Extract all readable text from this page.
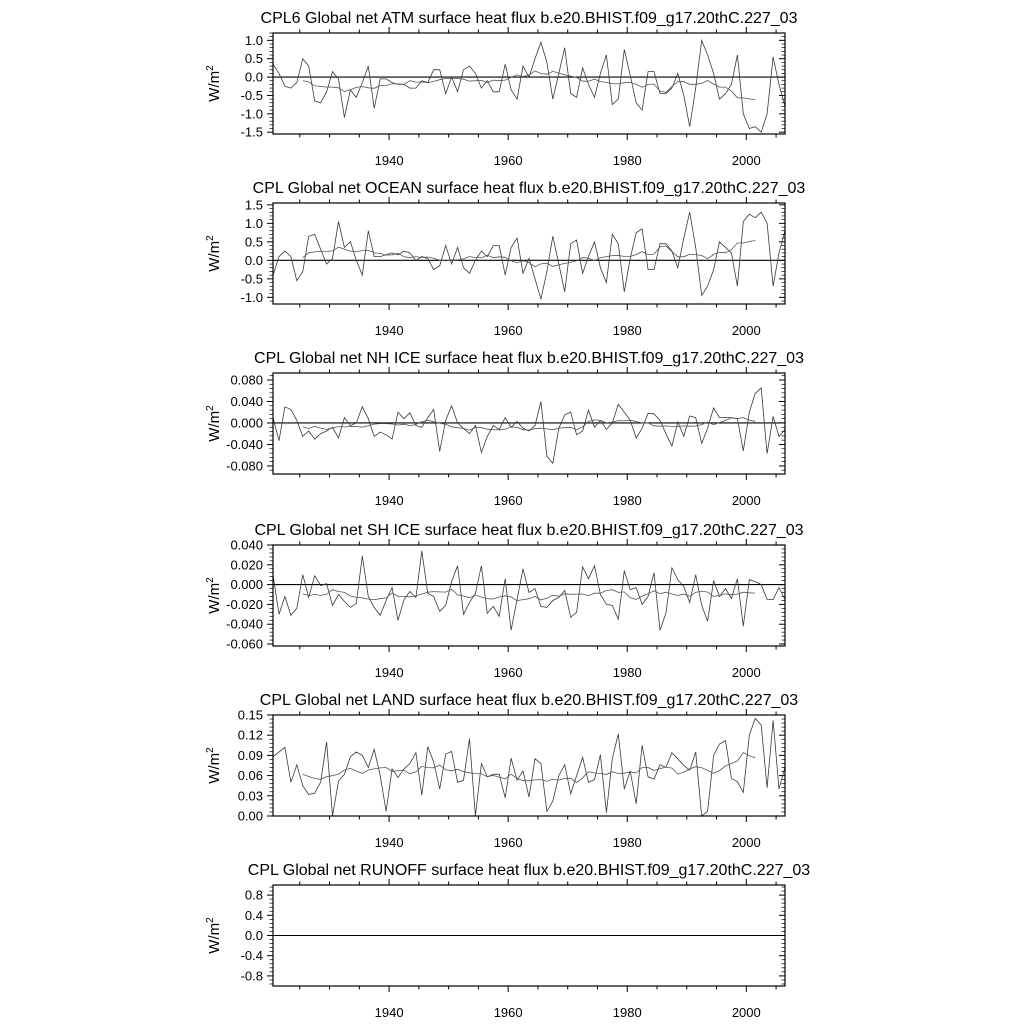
CPL6 Global net ATM surface heat flux b.e20.BHIST.f09_g17.20thC.227_03
$W/m^2$
1940	1960	1980	2000
1.0
0.5
0.0
-0.5
-1.0
-1.5
CPL Global net OCEAN surface heat flux b.e20.BHIST.f09_g17.20thC.227_03
$W/m^2$
1940	1960	1980	2000
1.5
1.0
0.5
0.0
-0.5
-1.0
CPL Global net NH ICE surface heat flux b.e20.BHIST.f09_g17.20thC.227_03
$W/m^2$
1940	1960	1980	2000
0.080
0.040
0.000
-0.040
-0.080
CPL Global net SH ICE surface heat flux b.e20.BHIST.f09_g17.20thC.227_03
$W/m^2$
1940	1960	1980	2000
0.040
0.020
0.000
-0.020
-0.040
-0.060
CPL Global net LAND surface heat flux b.e20.BHIST.f09_g17.20thC.227_03
$W/m^2$
1940	1960	1980	2000
0.15
0.12
0.09
0.06
0.03
0.00
CPL Global net RUNOFF surface heat flux b.e20.BHIST.f09_g17.20thC.227_03
$W/m^2$
1940	1960	1980	2000
0.8
0.4
0.0
-0.4
-0.8
